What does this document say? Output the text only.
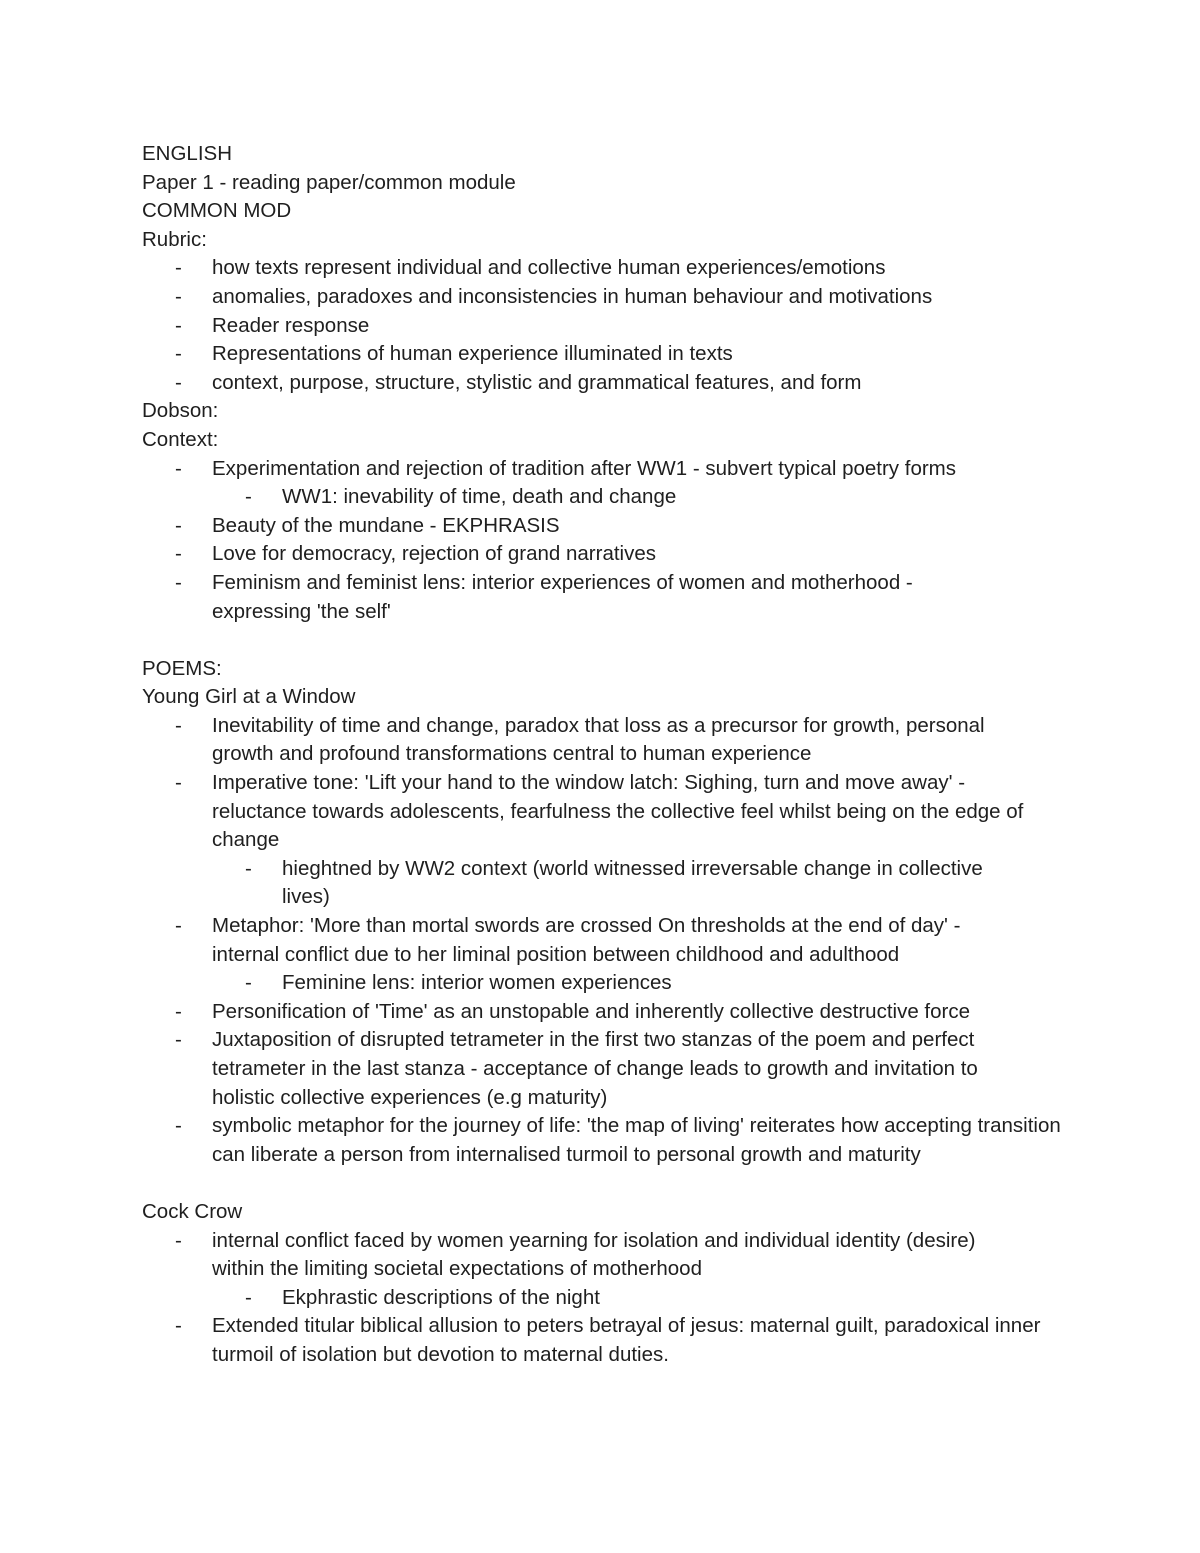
ENGLISH

Paper 1 - reading paper/common module

COMMON MOD

Rubric:

- how texts represent individual and collective human experiences/emotions
- anomalies, paradoxes and inconsistencies in human behaviour and motivations
- Reader response
- Representations of human experience illuminated in texts
- context, purpose, structure, stylistic and grammatical features, and form

Dobson:

Context:

- Experimentation and rejection of tradition after WW1 - subvert typical poetry forms
- WW1: inevability of time, death and change
- Beauty of the mundane - EKPHRASIS
- Love for democracy, rejection of grand narratives
- Feminism and feminist lens: interior experiences of women and motherhood - expressing 'the self'

POEMS:

Young Girl at a Window

- Inevitability of time and change, paradox that loss as a precursor for growth, personal growth and profound transformations central to human experience
- Imperative tone: 'Lift your hand to the window latch: Sighing, turn and move away' - reluctance towards adolescents, fearfulness the collective feel whilst being on the edge of change
- hieghtned by WW2 context (world witnessed irreversable change in collective lives)
- Metaphor: 'More than mortal swords are crossed On thresholds at the end of day' - internal conflict due to her liminal position between childhood and adulthood
- Feminine lens: interior women experiences
- Personification of 'Time' as an unstopable and inherently collective destructive force
- Juxtaposition of disrupted tetrameter in the first two stanzas of the poem and perfect tetrameter in the last stanza - acceptance of change leads to growth and invitation to holistic collective experiences (e.g maturity)
- symbolic metaphor for the journey of life: 'the map of living' reiterates how accepting transition can liberate a person from internalised turmoil to personal growth and maturity

Cock Crow

- internal conflict faced by women yearning for isolation and individual identity (desire) within the limiting societal expectations of motherhood
- Ekphrastic descriptions of the night
- Extended titular biblical allusion to peters betrayal of jesus: maternal guilt, paradoxical inner turmoil of isolation but devotion to maternal duties.
